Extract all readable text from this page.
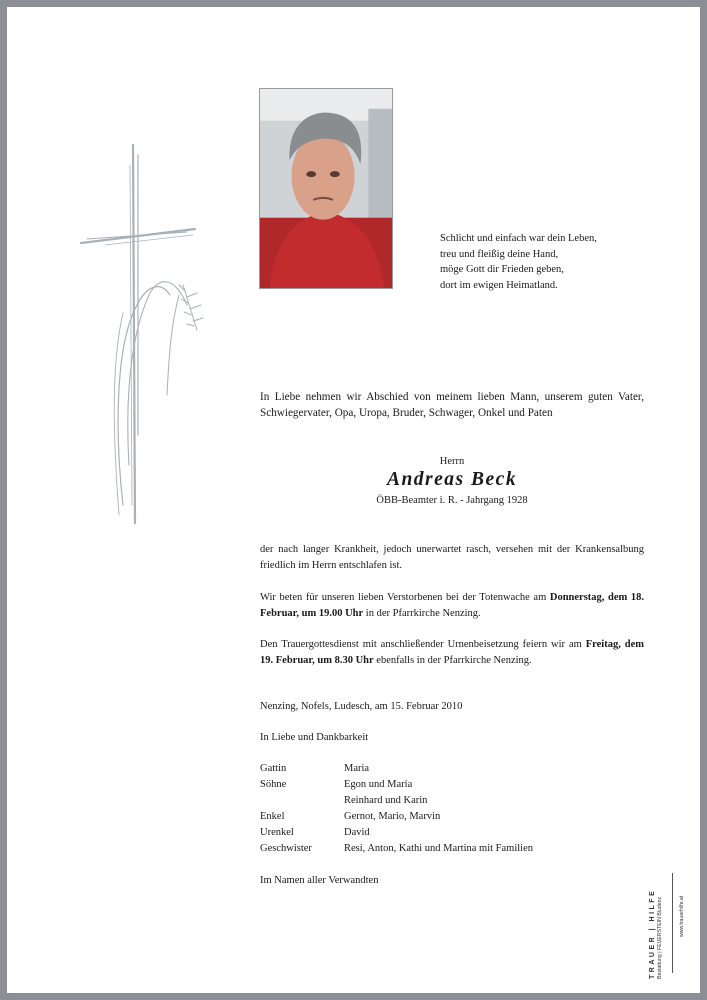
Schlicht und einfach war dein Leben,
treu und fleißig deine Hand,
möge Gott dir Frieden geben,
dort im ewigen Heimatland.
In Liebe nehmen wir Abschied von meinem lieben Mann, unserem guten Vater, Schwiegervater, Opa, Uropa, Bruder, Schwager, Onkel und Paten
Herrn
Andreas Beck
ÖBB-Beamter i. R. - Jahrgang 1928
der nach langer Krankheit, jedoch unerwartet rasch, versehen mit der Krankensalbung friedlich im Herrn entschlafen ist.
Wir beten für unseren lieben Verstorbenen bei der Totenwache am Donnerstag, dem 18. Februar, um 19.00 Uhr in der Pfarrkirche Nenzing.
Den Trauergottesdienst mit anschließender Urnenbeisetzung feiern wir am Freitag, dem 19. Februar, um 8.30 Uhr ebenfalls in der Pfarrkirche Nenzing.
Nenzing, Nofels, Ludesch, am 15. Februar 2010
In Liebe und Dankbarkeit
Gattin	Maria
Söhne	Egon und Maria
Reinhard und Karin
Enkel	Gernot, Mario, Marvin
Urenkel	David
Geschwister	Resi, Anton, Kathi und Martina mit Familien
Im Namen aller Verwandten
TRAUER | HILFE Bestattung | FEUERSTEIN Bludenz	www.trauerhilfe.at
